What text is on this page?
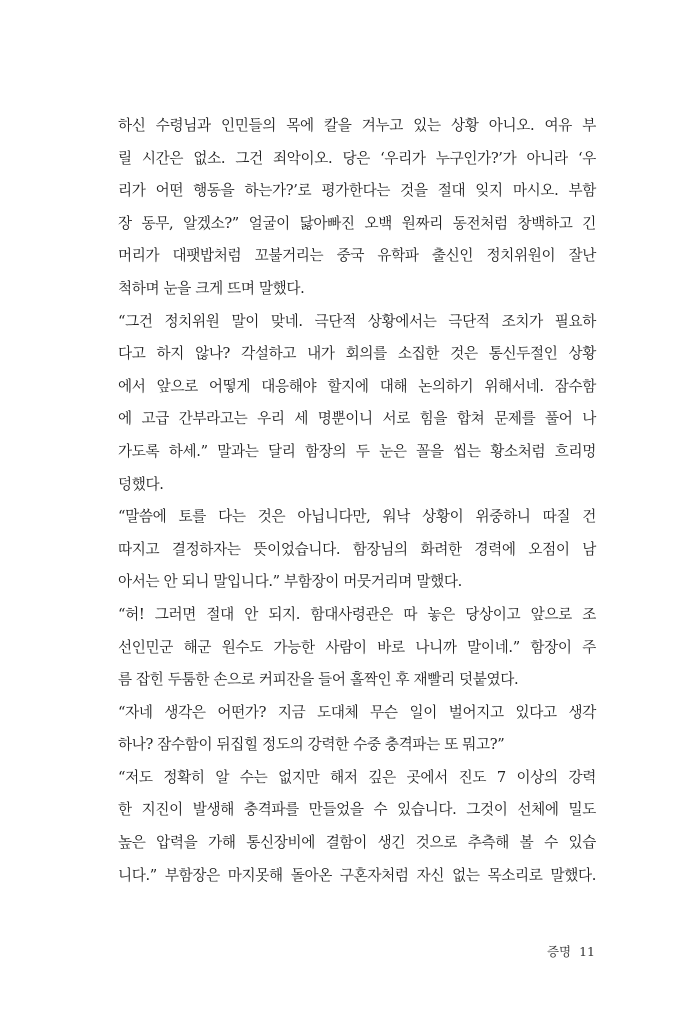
하신 수령님과 인민들의 목에 칼을 겨누고 있는 상황 아니오. 여유 부
릴 시간은 없소. 그건 죄악이오. 당은 ‘우리가 누구인가?’가 아니라 ‘우
리가 어떤 행동을 하는가?’로 평가한다는 것을 절대 잊지 마시오. 부함
장 동무, 알겠소?” 얼굴이 닳아빠진 오백 원짜리 동전처럼 창백하고 긴
머리가 대팻밥처럼 꼬불거리는 중국 유학파 출신인 정치위원이 잘난
척하며 눈을 크게 뜨며 말했다.
“그건 정치위원 말이 맞네. 극단적 상황에서는 극단적 조치가 필요하
다고 하지 않나? 각설하고 내가 회의를 소집한 것은 통신두절인 상황
에서 앞으로 어떻게 대응해야 할지에 대해 논의하기 위해서네. 잠수함
에 고급 간부라고는 우리 세 명뿐이니 서로 힘을 합쳐 문제를 풀어 나
가도록 하세.” 말과는 달리 함장의 두 눈은 꼴을 씹는 황소처럼 흐리멍
덩했다.
“말씀에 토를 다는 것은 아닙니다만, 워낙 상황이 위중하니 따질 건
따지고 결정하자는 뜻이었습니다. 함장님의 화려한 경력에 오점이 남
아서는 안 되니 말입니다.” 부함장이 머뭇거리며 말했다.
“허! 그러면 절대 안 되지. 함대사령관은 따 놓은 당상이고 앞으로 조
선인민군 해군 원수도 가능한 사람이 바로 나니까 말이네.” 함장이 주
름 잡힌 두툼한 손으로 커피잔을 들어 홀짝인 후 재빨리 덧붙였다.
“자네 생각은 어떤가? 지금 도대체 무슨 일이 벌어지고 있다고 생각
하나? 잠수함이 뒤집힐 정도의 강력한 수중 충격파는 또 뭐고?”
“저도 정확히 알 수는 없지만 해저 깊은 곳에서 진도 7 이상의 강력
한 지진이 발생해 충격파를 만들었을 수 있습니다. 그것이 선체에 밀도
높은 압력을 가해 통신장비에 결함이 생긴 것으로 추측해 볼 수 있습
니다.” 부함장은 마지못해 돌아온 구혼자처럼 자신 없는 목소리로 말했다.
증명 11
